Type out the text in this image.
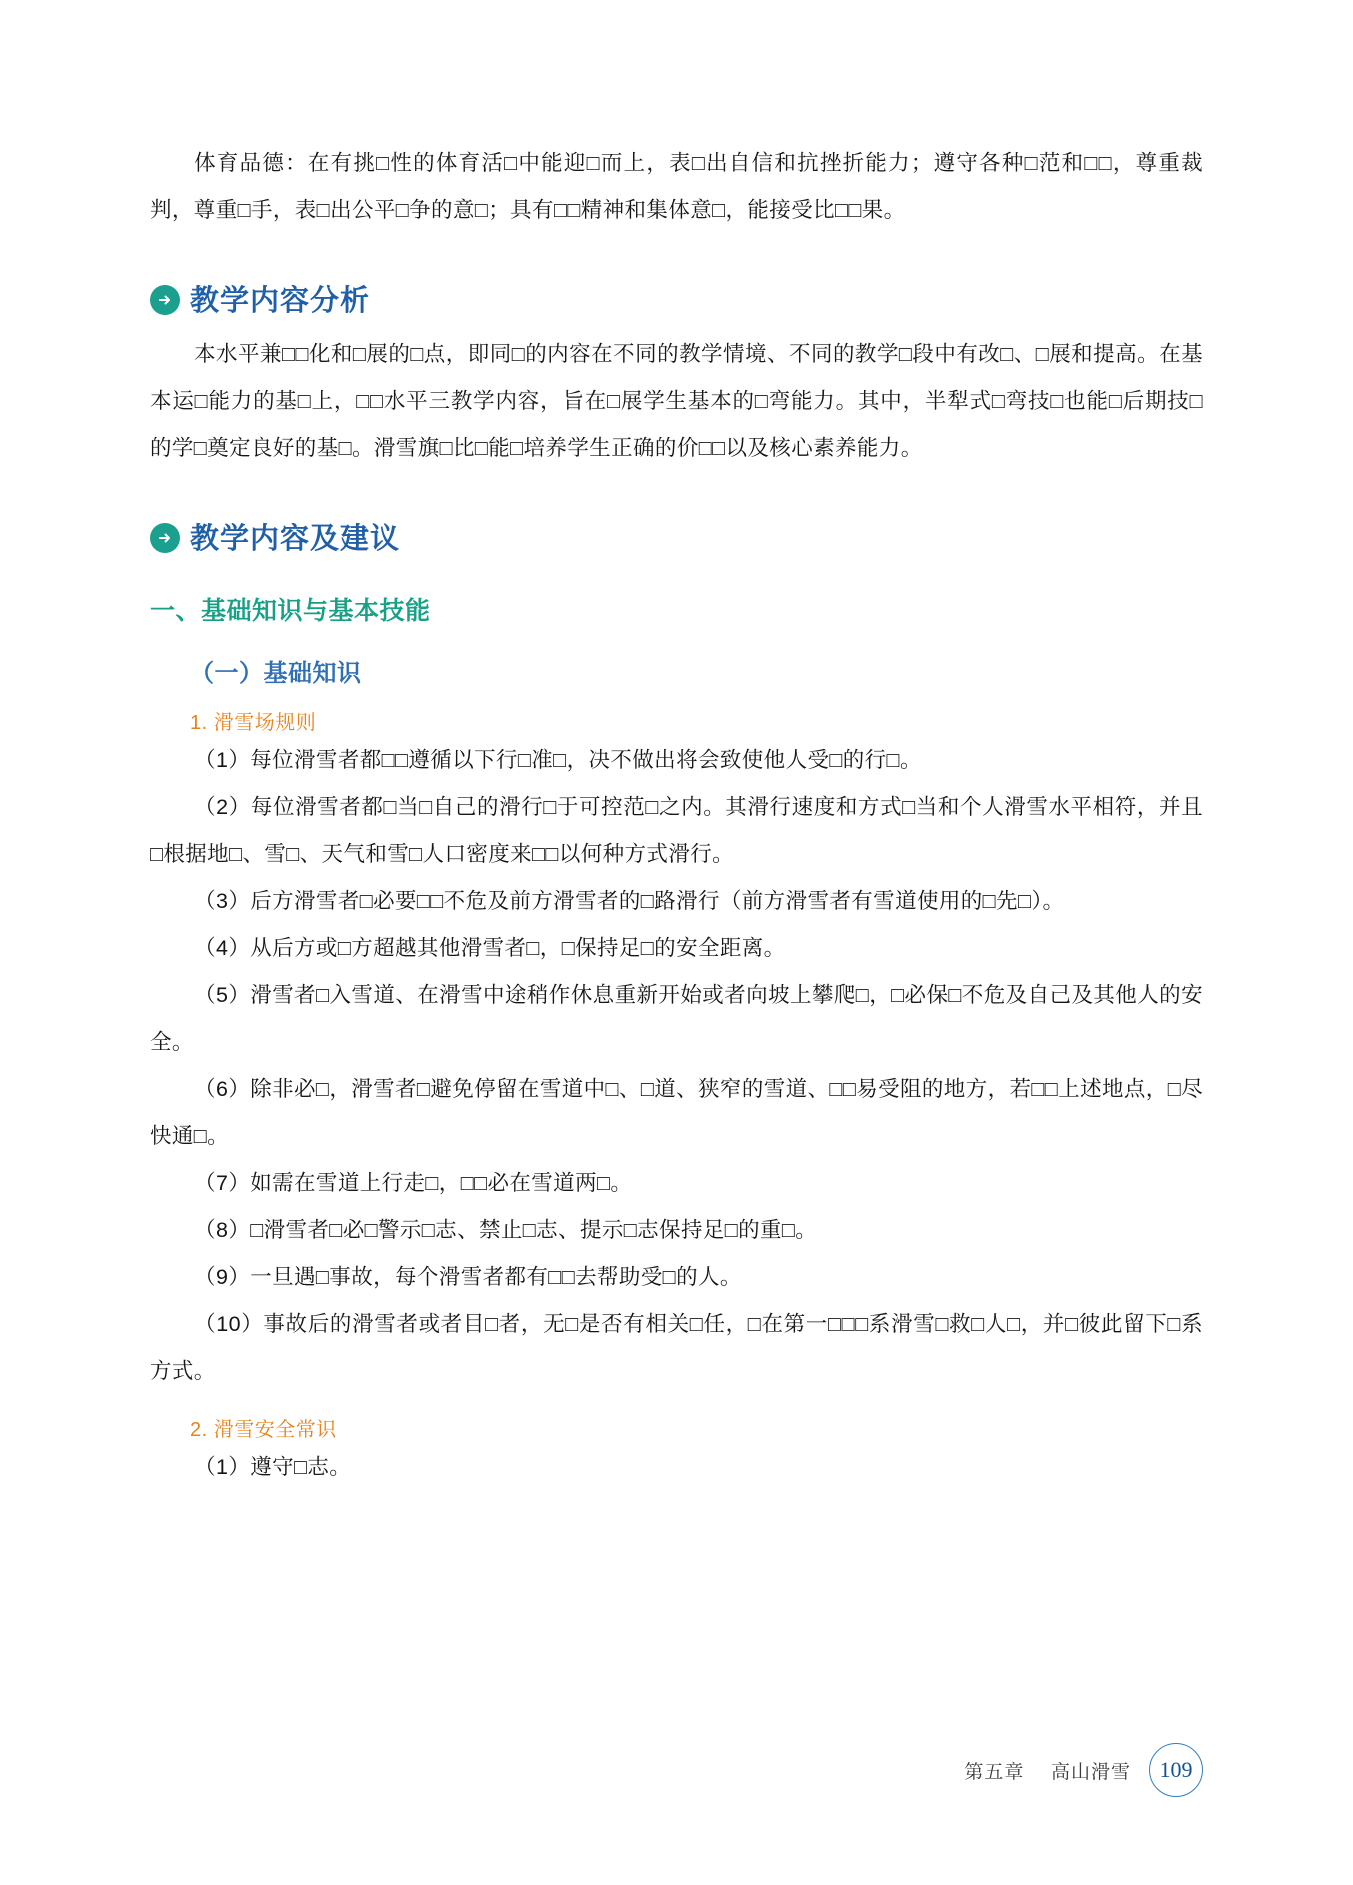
体育品德：在有挑□性的体育活□中能迎□而上，表□出自信和抗挫折能力；遵守各种□范和□□，尊重裁判，尊重□手，表□出公平□争的意□；具有□□精神和集体意□，能接受比□□果。

教学内容分析

本水平兼□□化和□展的□点，即同□的内容在不同的教学情境、不同的教学□段中有改□、□展和提高。在基本运□能力的基□上，□□水平三教学内容，旨在□展学生基本的□弯能力。其中，半犁式□弯技□也能□后期技□的学□奠定良好的基□。滑雪旗□比□能□培养学生正确的价□□以及核心素养能力。

教学内容及建议
一、基础知识与基本技能
（一）基础知识
1. 滑雪场规则

（1）每位滑雪者都□□遵循以下行□准□，决不做出将会致使他人受□的行□。

（2）每位滑雪者都□当□自己的滑行□于可控范□之内。其滑行速度和方式□当和个人滑雪水平相符，并且□根据地□、雪□、天气和雪□人口密度来□□以何种方式滑行。

（3）后方滑雪者□必要□□不危及前方滑雪者的□路滑行（前方滑雪者有雪道使用的□先□）。

（4）从后方或□方超越其他滑雪者□，□保持足□的安全距离。

（5）滑雪者□入雪道、在滑雪中途稍作休息重新开始或者向坡上攀爬□，□必保□不危及自己及其他人的安全。

（6）除非必□，滑雪者□避免停留在雪道中□、□道、狭窄的雪道、□□易受阻的地方，若□□上述地点，□尽快通□。

（7）如需在雪道上行走□，□□必在雪道两□。

（8）□滑雪者□必□警示□志、禁止□志、提示□志保持足□的重□。

（9）一旦遇□事故，每个滑雪者都有□□去帮助受□的人。

（10）事故后的滑雪者或者目□者，无□是否有相关□任，□在第一□□□系滑雪□救□人□，并□彼此留下□系方式。

2. 滑雪安全常识

（1）遵守□志。

第五章 高山滑雪	109
